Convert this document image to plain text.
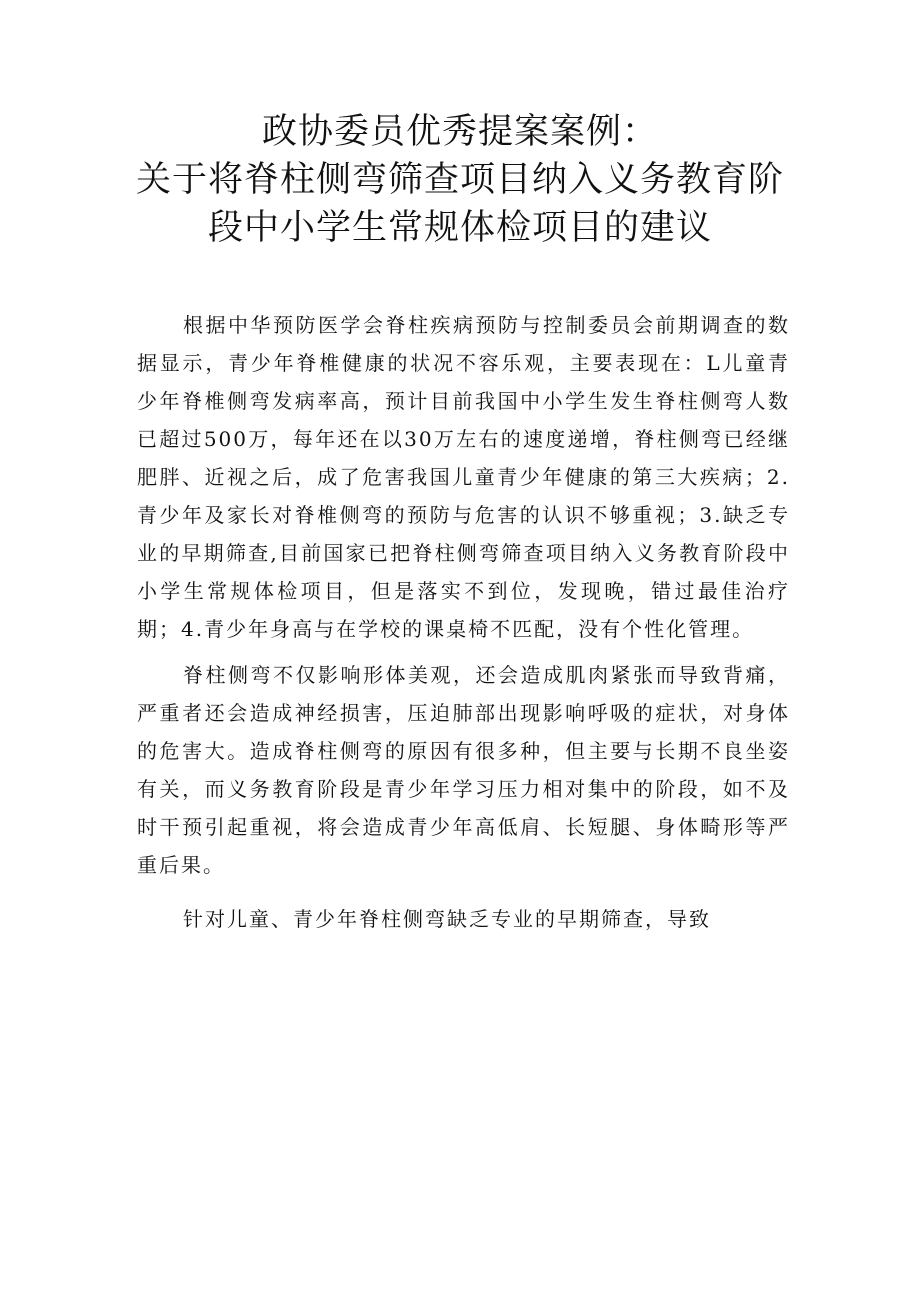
政协委员优秀提案案例：
关于将脊柱侧弯筛查项目纳入义务教育阶
段中小学生常规体检项目的建议

根据中华预防医学会脊柱疾病预防与控制委员会前期调查的数据显示，青少年脊椎健康的状况不容乐观，主要表现在：L儿童青少年脊椎侧弯发病率高，预计目前我国中小学生发生脊柱侧弯人数已超过500万，每年还在以30万左右的速度递增，脊柱侧弯已经继肥胖、近视之后，成了危害我国儿童青少年健康的第三大疾病；2.青少年及家长对脊椎侧弯的预防与危害的认识不够重视；3.缺乏专业的早期筛查,目前国家已把脊柱侧弯筛查项目纳入义务教育阶段中小学生常规体检项目，但是落实不到位，发现晚，错过最佳治疗期；4.青少年身高与在学校的课桌椅不匹配，没有个性化管理。

脊柱侧弯不仅影响形体美观，还会造成肌肉紧张而导致背痛，严重者还会造成神经损害，压迫肺部出现影响呼吸的症状，对身体的危害大。造成脊柱侧弯的原因有很多种，但主要与长期不良坐姿有关，而义务教育阶段是青少年学习压力相对集中的阶段，如不及时干预引起重视，将会造成青少年高低肩、长短腿、身体畸形等严重后果。

针对儿童、青少年脊柱侧弯缺乏专业的早期筛查，导致
